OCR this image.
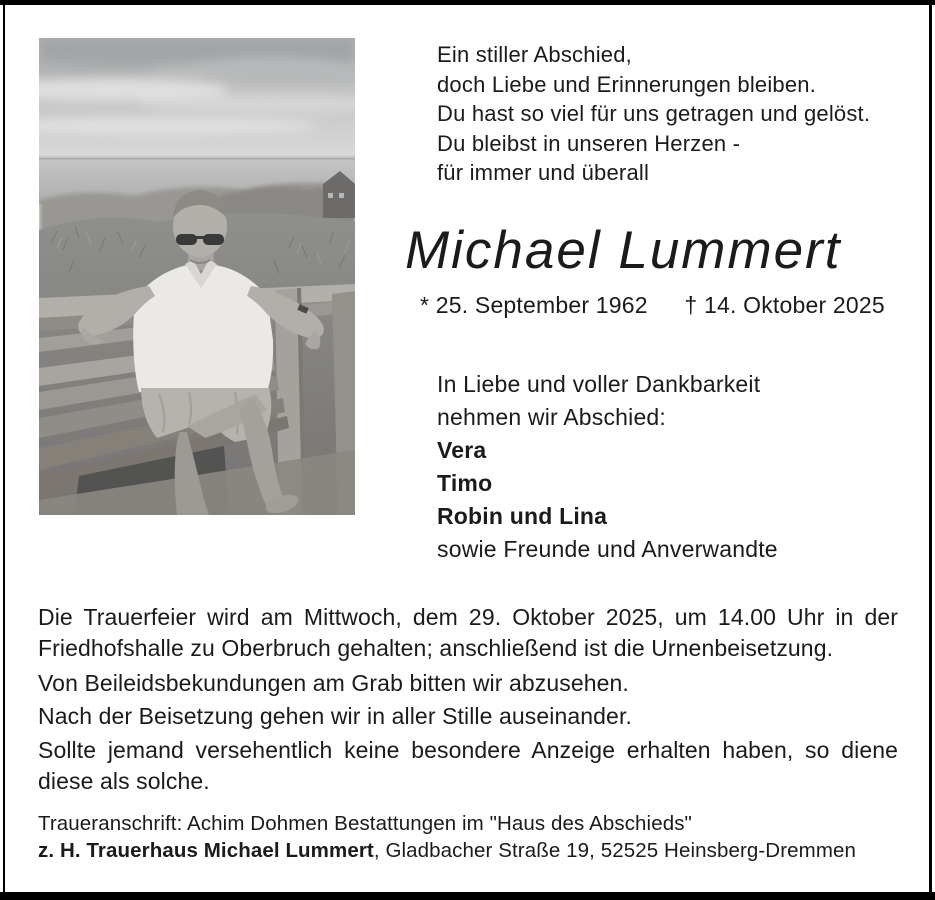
Ein stiller Abschied,
doch Liebe und Erinnerungen bleiben.
Du hast so viel für uns getragen und gelöst.
Du bleibst in unseren Herzen -
für immer und überall
Michael Lummert
* 25. September 1962 † 14. Oktober 2025
In Liebe und voller Dankbarkeit
nehmen wir Abschied:
Vera
Timo
Robin und Lina
sowie Freunde und Anverwandte

Die Trauerfeier wird am Mittwoch, dem 29. Oktober 2025, um 14.00 Uhr in der Friedhofshalle zu Oberbruch gehalten; anschließend ist die Urnenbeisetzung.

Von Beileidsbekundungen am Grab bitten wir abzusehen.

Nach der Beisetzung gehen wir in aller Stille auseinander.

Sollte jemand versehentlich keine besondere Anzeige erhalten haben, so diene diese als solche.

Traueranschrift: Achim Dohmen Bestattungen im "Haus des Abschieds"
z. H. Trauerhaus Michael Lummert, Gladbacher Straße 19, 52525 Heinsberg-Dremmen
